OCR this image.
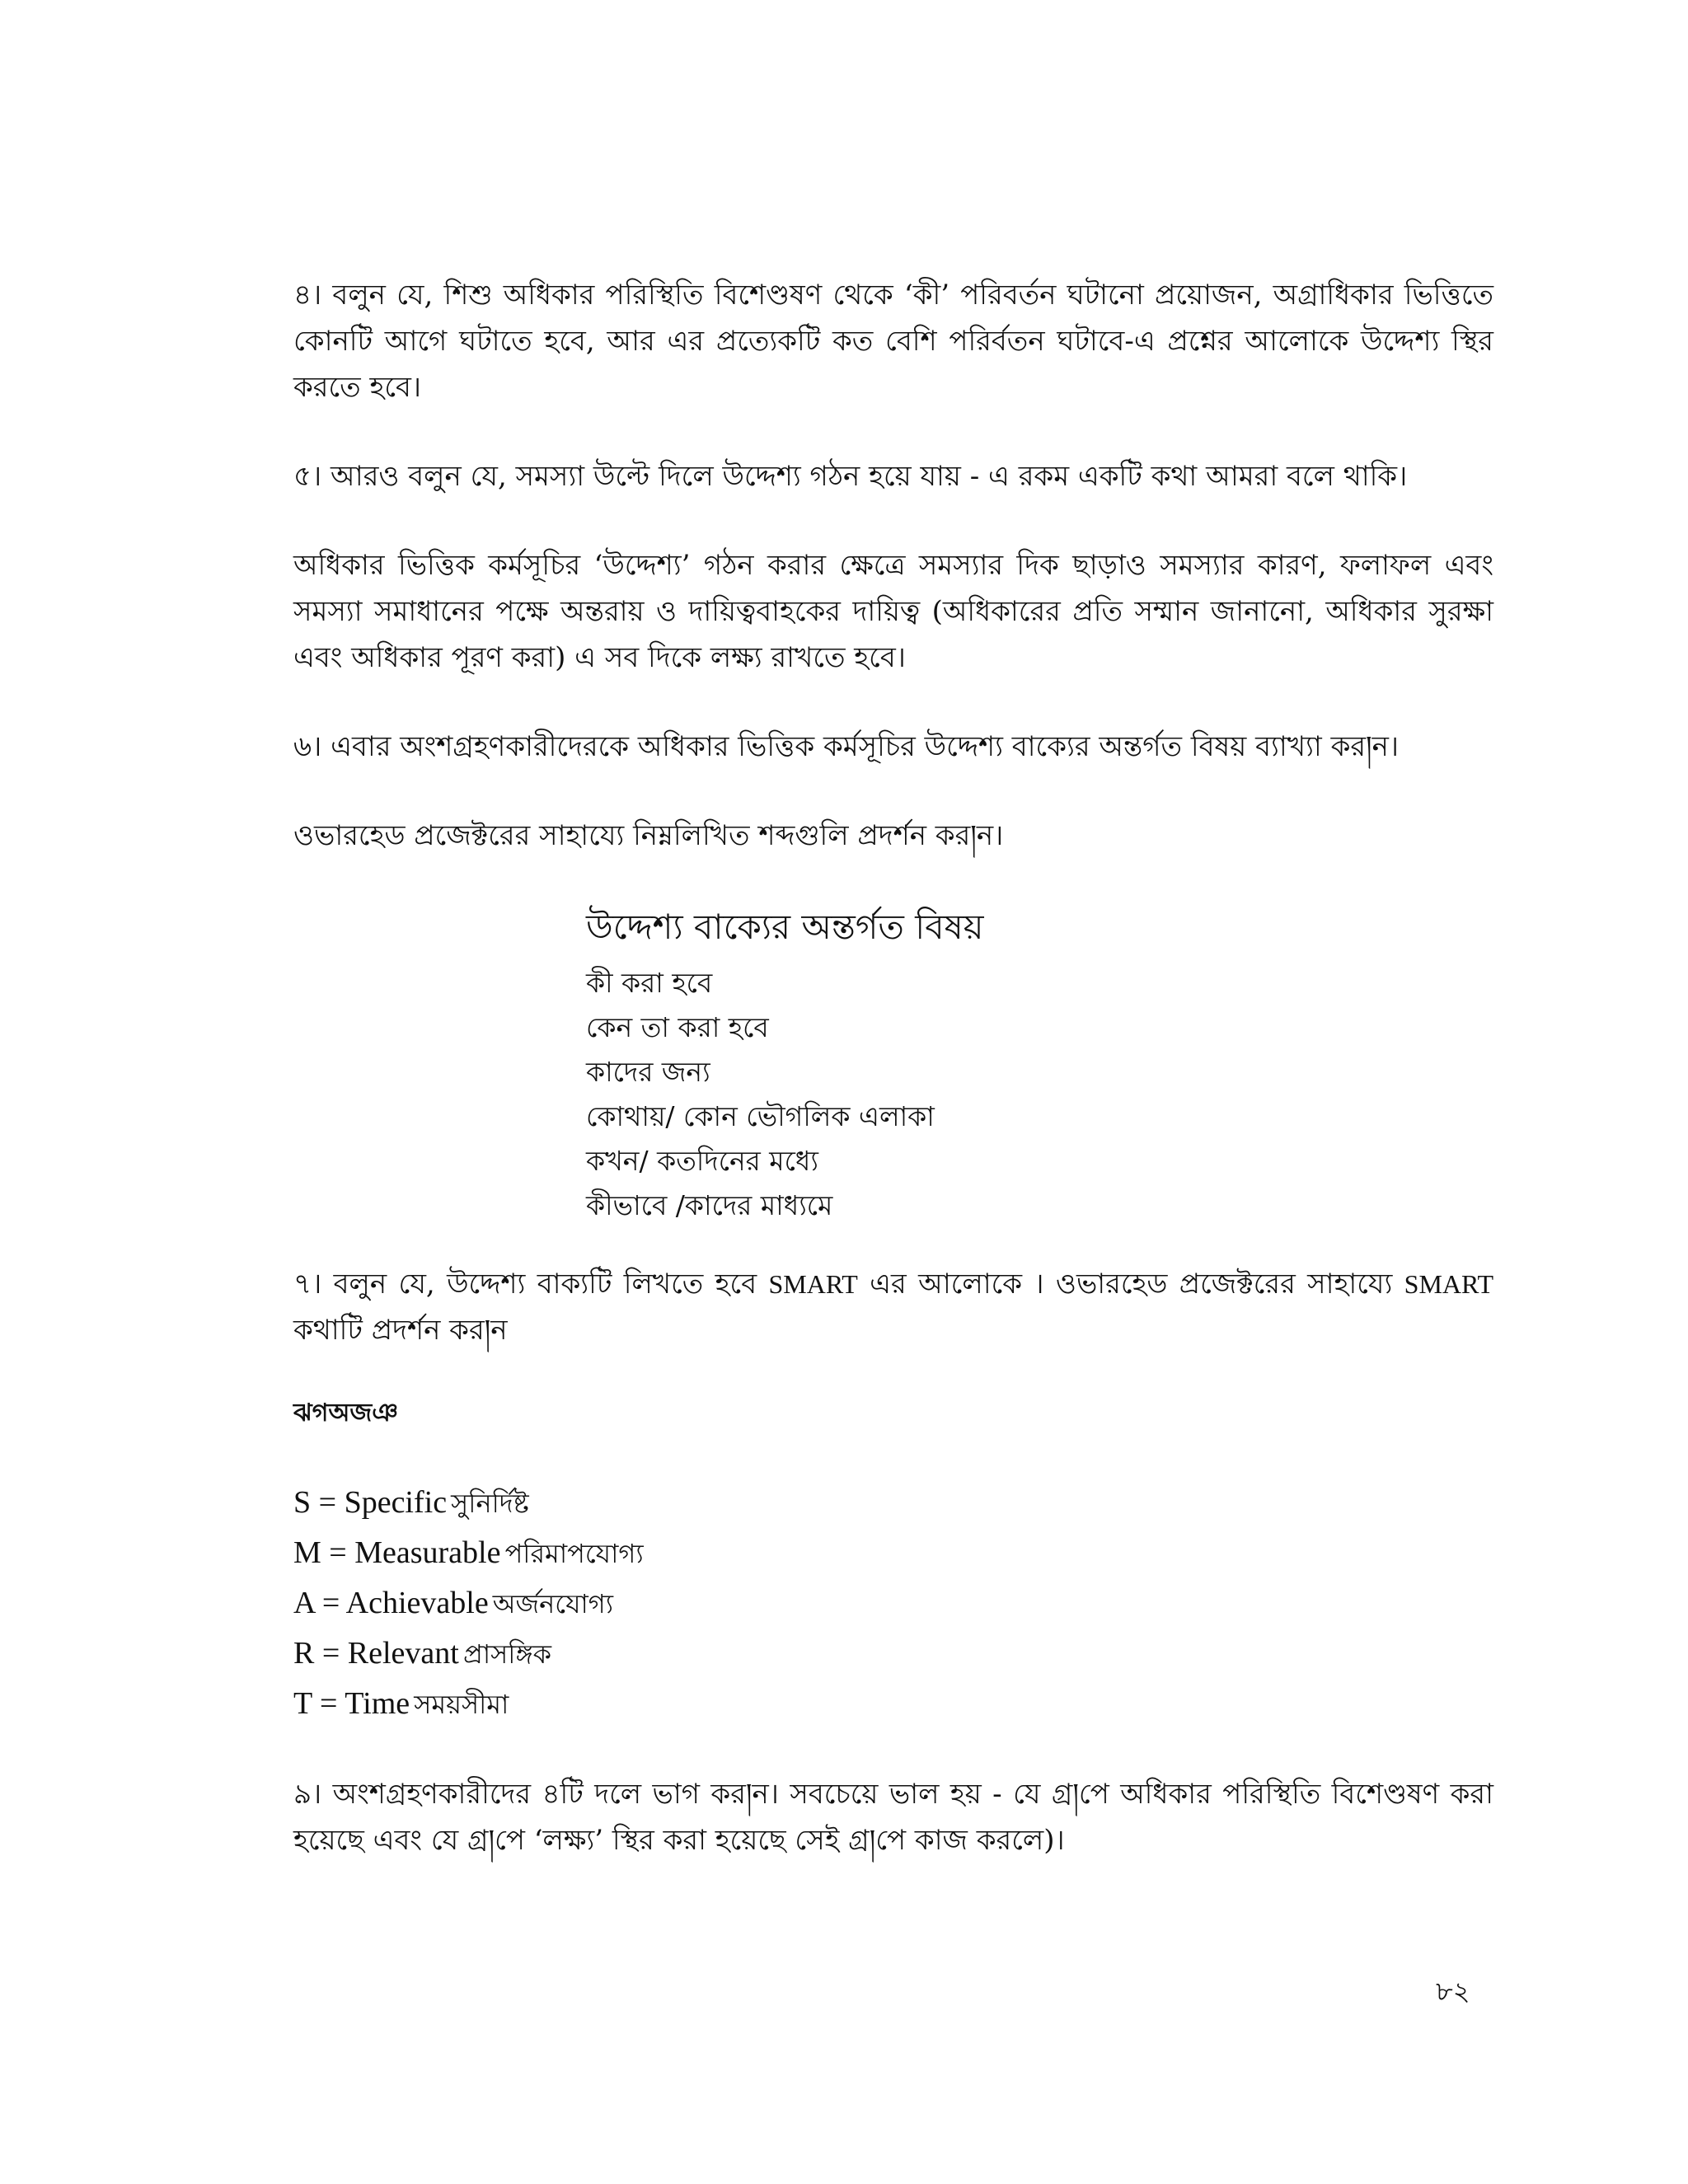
৪। বলুন যে, শিশু অধিকার পরিস্থিতি বিশেণ্ডষণ থেকে ‘কী’ পরিবর্তন ঘটানো প্রয়োজন, অগ্রাধিকার ভিত্তিতে কোনটি আগে ঘটাতে হবে, আর এর প্রত্যেকটি কত বেশি পরির্বতন ঘটাবে-এ প্রশ্নের আলোকে উদ্দেশ্য স্থির করতে হবে।

৫। আরও বলুন যে, সমস্যা উল্টে দিলে উদ্দেশ্য গঠন হয়ে যায় - এ রকম একটি কথা আমরা বলে থাকি।

অধিকার ভিত্তিক কর্মসূচির ‘উদ্দেশ্য’ গঠন করার ক্ষেত্রে সমস্যার দিক ছাড়াও সমস্যার কারণ, ফলাফল এবং সমস্যা সমাধানের পক্ষে অন্তরায় ও দায়িত্ববাহকের দায়িত্ব (অধিকারের প্রতি সম্মান জানানো, অধিকার সুরক্ষা এবং অধিকার পূরণ করা) এ সব দিকে লক্ষ্য রাখতে হবে।

৬। এবার অংশগ্রহণকারীদেরকে অধিকার ভিত্তিক কর্মসূচির উদ্দেশ্য বাক্যের অন্তর্গত বিষয় ব্যাখ্যা কর།ন।

ওভারহেড প্রজেক্টরের সাহায্যে নিম্নলিখিত শব্দগুলি প্রদর্শন কর།ন।

উদ্দেশ্য বাক্যের অন্তর্গত বিষয়

কী করা হবে

কেন তা করা হবে

কাদের জন্য

কোথায়/ কোন ভৌগলিক এলাকা

কখন/ কতদিনের মধ্যে

কীভাবে /কাদের মাধ্যমে

৭। বলুন যে, উদ্দেশ্য বাক্যটি লিখতে হবে SMART এর আলোকে । ওভারহেড প্রজেক্টরের সাহায্যে SMART কথাটি প্রদর্শন কর།ন

ঝগঅজঞ

S = Specific সুনির্দিষ্ট

M = Measurable পরিমাপযোগ্য

A = Achievable অর্জনযোগ্য

R = Relevant প্রাসঙ্গিক

T = Time সময়সীমা

৯। অংশগ্রহণকারীদের ৪টি দলে ভাগ কর།ন। সবচেয়ে ভাল হয় - যে গ্র།পে অধিকার পরিস্থিতি বিশেণ্ডষণ করা হয়েছে এবং যে গ্র།পে ‘লক্ষ্য’ স্থির করা হয়েছে সেই গ্র།পে কাজ করলে)।

৮২
